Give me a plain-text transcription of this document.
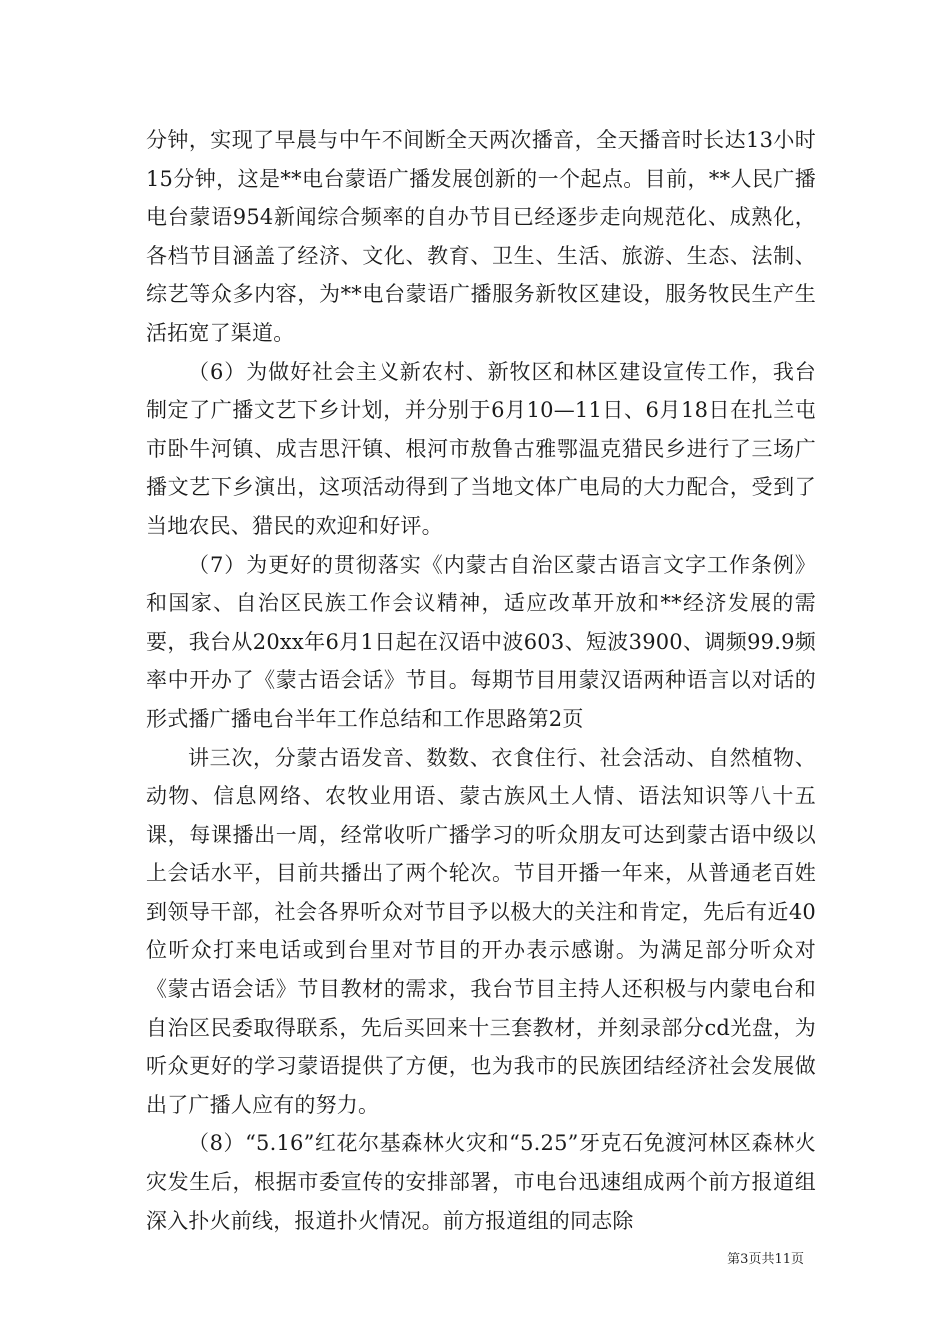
分钟，实现了早晨与中午不间断全天两次播音，全天播音时长达13小时15分钟，这是**电台蒙语广播发展创新的一个起点。目前，**人民广播电台蒙语954新闻综合频率的自办节目已经逐步走向规范化、成熟化，各档节目涵盖了经济、文化、教育、卫生、生活、旅游、生态、法制、综艺等众多内容，为**电台蒙语广播服务新牧区建设，服务牧民生产生活拓宽了渠道。

（6）为做好社会主义新农村、新牧区和林区建设宣传工作，我台制定了广播文艺下乡计划，并分别于6月10—11日、6月18日在扎兰屯市卧牛河镇、成吉思汗镇、根河市敖鲁古雅鄂温克猎民乡进行了三场广播文艺下乡演出，这项活动得到了当地文体广电局的大力配合，受到了当地农民、猎民的欢迎和好评。

（7）为更好的贯彻落实《内蒙古自治区蒙古语言文字工作条例》和国家、自治区民族工作会议精神，适应改革开放和**经济发展的需要，我台从20xx年6月1日起在汉语中波603、短波3900、调频99.9频率中开办了《蒙古语会话》节目。每期节目用蒙汉语两种语言以对话的形式播广播电台半年工作总结和工作思路第2页

讲三次，分蒙古语发音、数数、衣食住行、社会活动、自然植物、动物、信息网络、农牧业用语、蒙古族风土人情、语法知识等八十五课，每课播出一周，经常收听广播学习的听众朋友可达到蒙古语中级以上会话水平，目前共播出了两个轮次。节目开播一年来，从普通老百姓到领导干部，社会各界听众对节目予以极大的关注和肯定，先后有近40位听众打来电话或到台里对节目的开办表示感谢。为满足部分听众对《蒙古语会话》节目教材的需求，我台节目主持人还积极与内蒙电台和自治区民委取得联系，先后买回来十三套教材，并刻录部分cd光盘，为听众更好的学习蒙语提供了方便，也为我市的民族团结经济社会发展做出了广播人应有的努力。

（8）“5.16”红花尔基森林火灾和“5.25”牙克石免渡河林区森林火灾发生后，根据市委宣传的安排部署，市电台迅速组成两个前方报道组深入扑火前线，报道扑火情况。前方报道组的同志除

第3页共11页
